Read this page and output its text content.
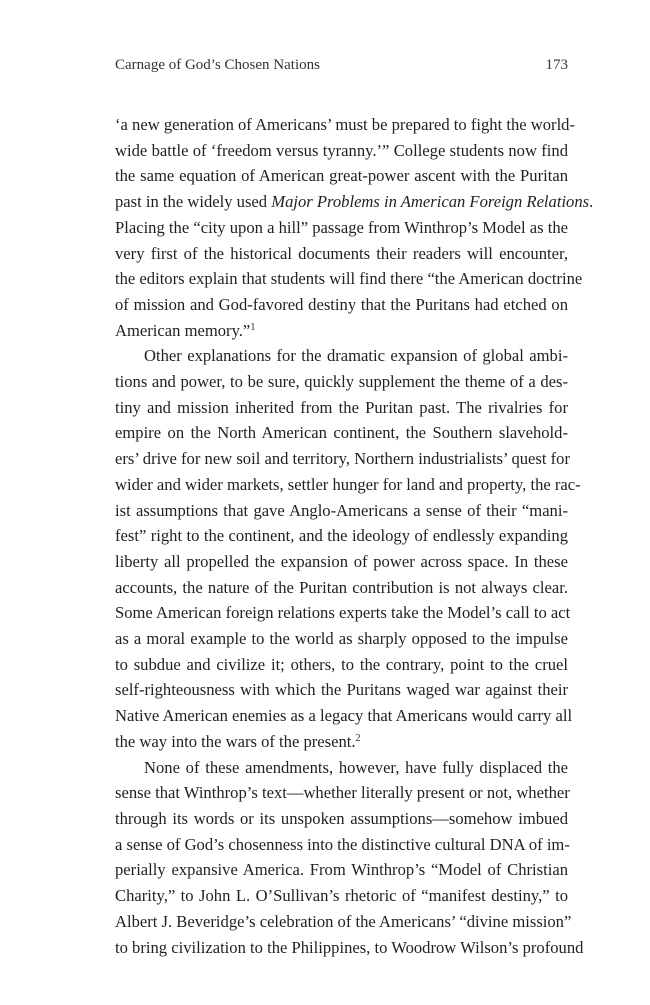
Carnage of God’s Chosen Nations	173
‘a new generation of Americans’ must be prepared to fight the world-
wide battle of ‘freedom versus tyranny.’” College students now find
the same equation of American great-power ascent with the Puritan
past in the widely used Major Problems in American Foreign Relations.
Placing the “city upon a hill” passage from Winthrop’s Model as the
very first of the historical documents their readers will encounter,
the editors explain that students will find there “the American doctrine
of mission and God-favored destiny that the Puritans had etched on
American memory.”$^1$
Other explanations for the dramatic expansion of global ambi-
tions and power, to be sure, quickly supplement the theme of a des-
tiny and mission inherited from the Puritan past. The rivalries for
empire on the North American continent, the Southern slavehold-
ers’ drive for new soil and territory, Northern industrialists’ quest for
wider and wider markets, settler hunger for land and property, the rac-
ist assumptions that gave Anglo-Americans a sense of their “mani-
fest” right to the continent, and the ideology of endlessly expanding
liberty all propelled the expansion of power across space. In these
accounts, the nature of the Puritan contribution is not always clear.
Some American foreign relations experts take the Model’s call to act
as a moral example to the world as sharply opposed to the impulse
to subdue and civilize it; others, to the contrary, point to the cruel
self-righteousness with which the Puritans waged war against their
Native American enemies as a legacy that Americans would carry all
the way into the wars of the present.$^2$
None of these amendments, however, have fully displaced the
sense that Winthrop’s text—whether literally present or not, whether
through its words or its unspoken assumptions—somehow imbued
a sense of God’s chosenness into the distinctive cultural DNA of im-
perially expansive America. From Winthrop’s “Model of Christian
Charity,” to John L. O’Sullivan’s rhetoric of “manifest destiny,” to
Albert J. Beveridge’s celebration of the Americans’ “divine mission”
to bring civilization to the Philippines, to Woodrow Wilson’s profound
